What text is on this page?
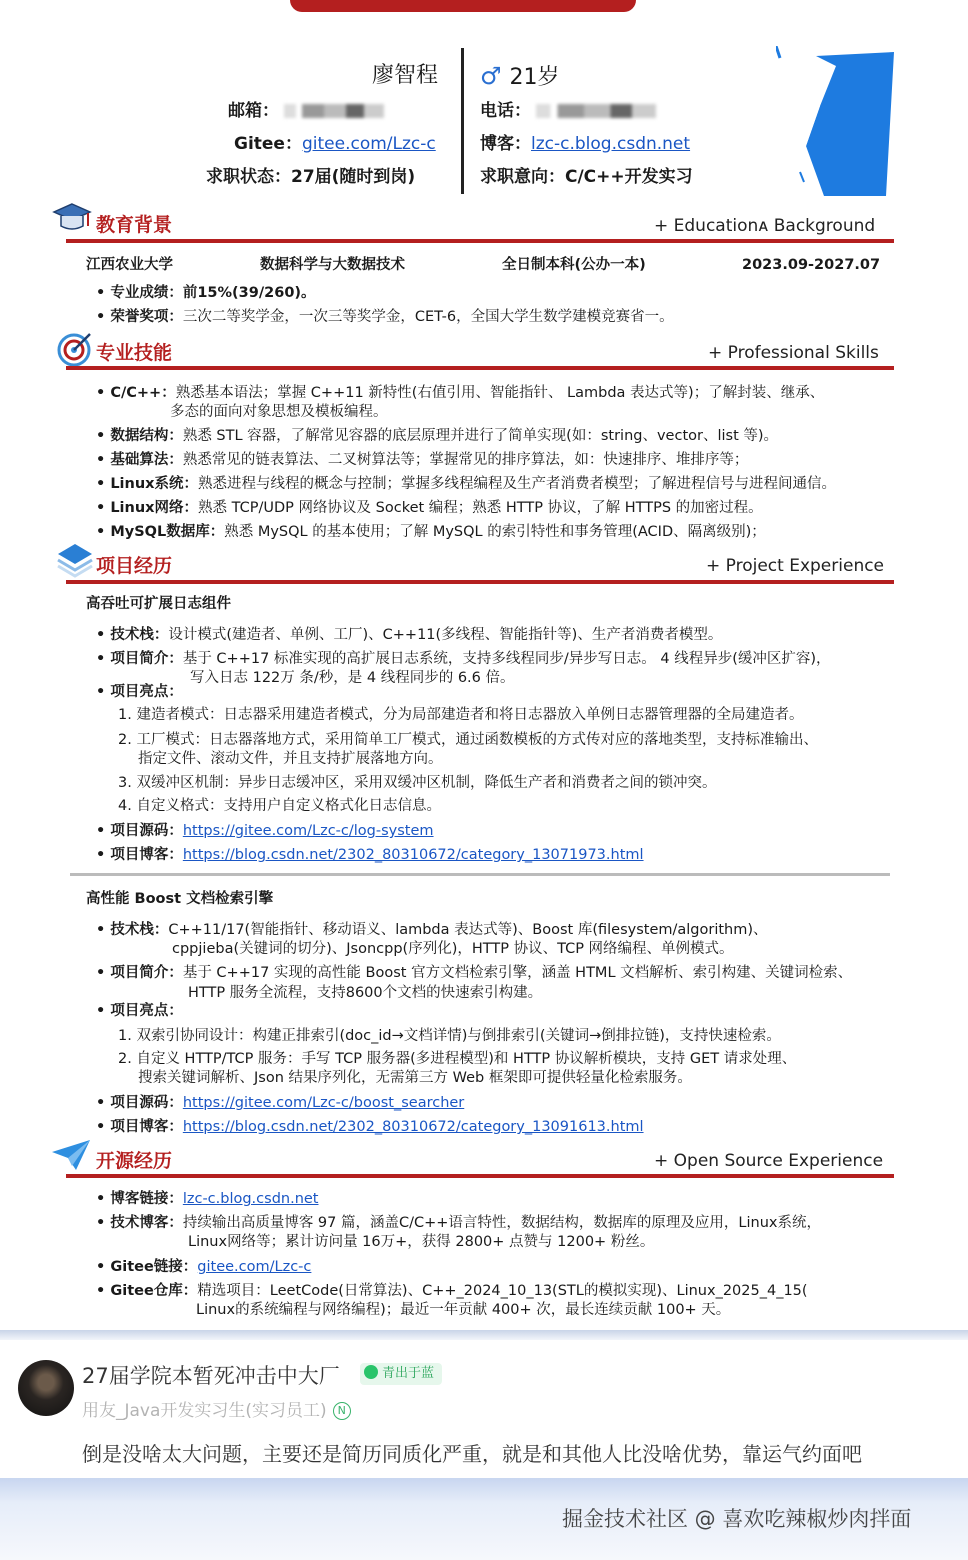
廖智程
邮箱：
Gitee：gitee.com/Lzc-c
求职状态：27届(随时到岗)
♂ 21岁
电话：
博客：lzc-c.blog.csdn.net
求职意向：C/C++开发实习
教育背景	+ Educationᴀ Background
江西农业大学	数据科学与大数据技术	全日制本科(公办一本)	2023.09-2027.07
• 专业成绩：前15%(39/260)。
• 荣誉奖项：三次二等奖学金，一次三等奖学金，CET-6，全国大学生数学建模竞赛省一。
专业技能	+ Professional Skills
• C/C++：熟悉基本语法；掌握 C++11 新特性(右值引用、智能指针、 Lambda 表达式等)；了解封装、继承、
多态的面向对象思想及模板编程。
• 数据结构：熟悉 STL 容器，了解常见容器的底层原理并进行了简单实现(如：string、vector、list 等)。
• 基础算法：熟悉常见的链表算法、二叉树算法等；掌握常见的排序算法，如：快速排序、堆排序等；
• Linux系统：熟悉进程与线程的概念与控制；掌握多线程编程及生产者消费者模型；了解进程信号与进程间通信。
• Linux网络：熟悉 TCP/UDP 网络协议及 Socket 编程；熟悉 HTTP 协议，了解 HTTPS 的加密过程。
• MySQL数据库：熟悉 MySQL 的基本使用；了解 MySQL 的索引特性和事务管理(ACID、隔离级别)；
项目经历	+ Project Experience
高吞吐可扩展日志组件
• 技术栈：设计模式(建造者、单例、工厂)、C++11(多线程、智能指针等)、生产者消费者模型。
• 项目简介：基于 C++17 标准实现的高扩展日志系统，支持多线程同步/异步写日志。 4 线程异步(缓冲区扩容)，
写入日志 122万 条/秒，是 4 线程同步的 6.6 倍。
• 项目亮点：
1. 建造者模式：日志器采用建造者模式，分为局部建造者和将日志器放入单例日志器管理器的全局建造者。
2. 工厂模式：日志器落地方式，采用简单工厂模式，通过函数模板的方式传对应的落地类型，支持标准输出、
指定文件、滚动文件，并且支持扩展落地方向。
3. 双缓冲区机制：异步日志缓冲区，采用双缓冲区机制，降低生产者和消费者之间的锁冲突。
4. 自定义格式：支持用户自定义格式化日志信息。
• 项目源码：https://gitee.com/Lzc-c/log-system
• 项目博客：https://blog.csdn.net/2302_80310672/category_13071973.html
高性能 Boost 文档检索引擎
• 技术栈：C++11/17(智能指针、移动语义、lambda 表达式等)、Boost 库(filesystem/algorithm)、
cppjieba(关键词的切分)、Jsoncpp(序列化)，HTTP 协议、TCP 网络编程、单例模式。
• 项目简介：基于 C++17 实现的高性能 Boost 官方文档检索引擎，涵盖 HTML 文档解析、索引构建、关键词检索、
HTTP 服务全流程，支持8600个文档的快速索引构建。
• 项目亮点：
1. 双索引协同设计：构建正排索引(doc_id→文档详情)与倒排索引(关键词→倒排拉链)，支持快速检索。
2. 自定义 HTTP/TCP 服务：手写 TCP 服务器(多进程模型)和 HTTP 协议解析模块，支持 GET 请求处理、
搜索关键词解析、Json 结果序列化，无需第三方 Web 框架即可提供轻量化检索服务。
• 项目源码：https://gitee.com/Lzc-c/boost_searcher
• 项目博客：https://blog.csdn.net/2302_80310672/category_13091613.html
开源经历	+ Open Source Experience
• 博客链接：lzc-c.blog.csdn.net
• 技术博客：持续输出高质量博客 97 篇，涵盖C/C++语言特性，数据结构，数据库的原理及应用，Linux系统，
Linux网络等；累计访问量 16万+，获得 2800+ 点赞与 1200+ 粉丝。
• Gitee链接：gitee.com/Lzc-c
• Gitee仓库：精选项目：LeetCode(日常算法)、C++_2024_10_13(STL的模拟实现)、Linux_2025_4_15(
Linux的系统编程与网络编程)；最近一年贡献 400+ 次，最长连续贡献 100+ 天。
27届学院本暂死冲击中大厂	青出于蓝
用友_Java开发实习生(实习员工) N
倒是没啥太大问题，主要还是简历同质化严重，就是和其他人比没啥优势，靠运气约面吧
掘金技术社区 @ 喜欢吃辣椒炒肉拌面
